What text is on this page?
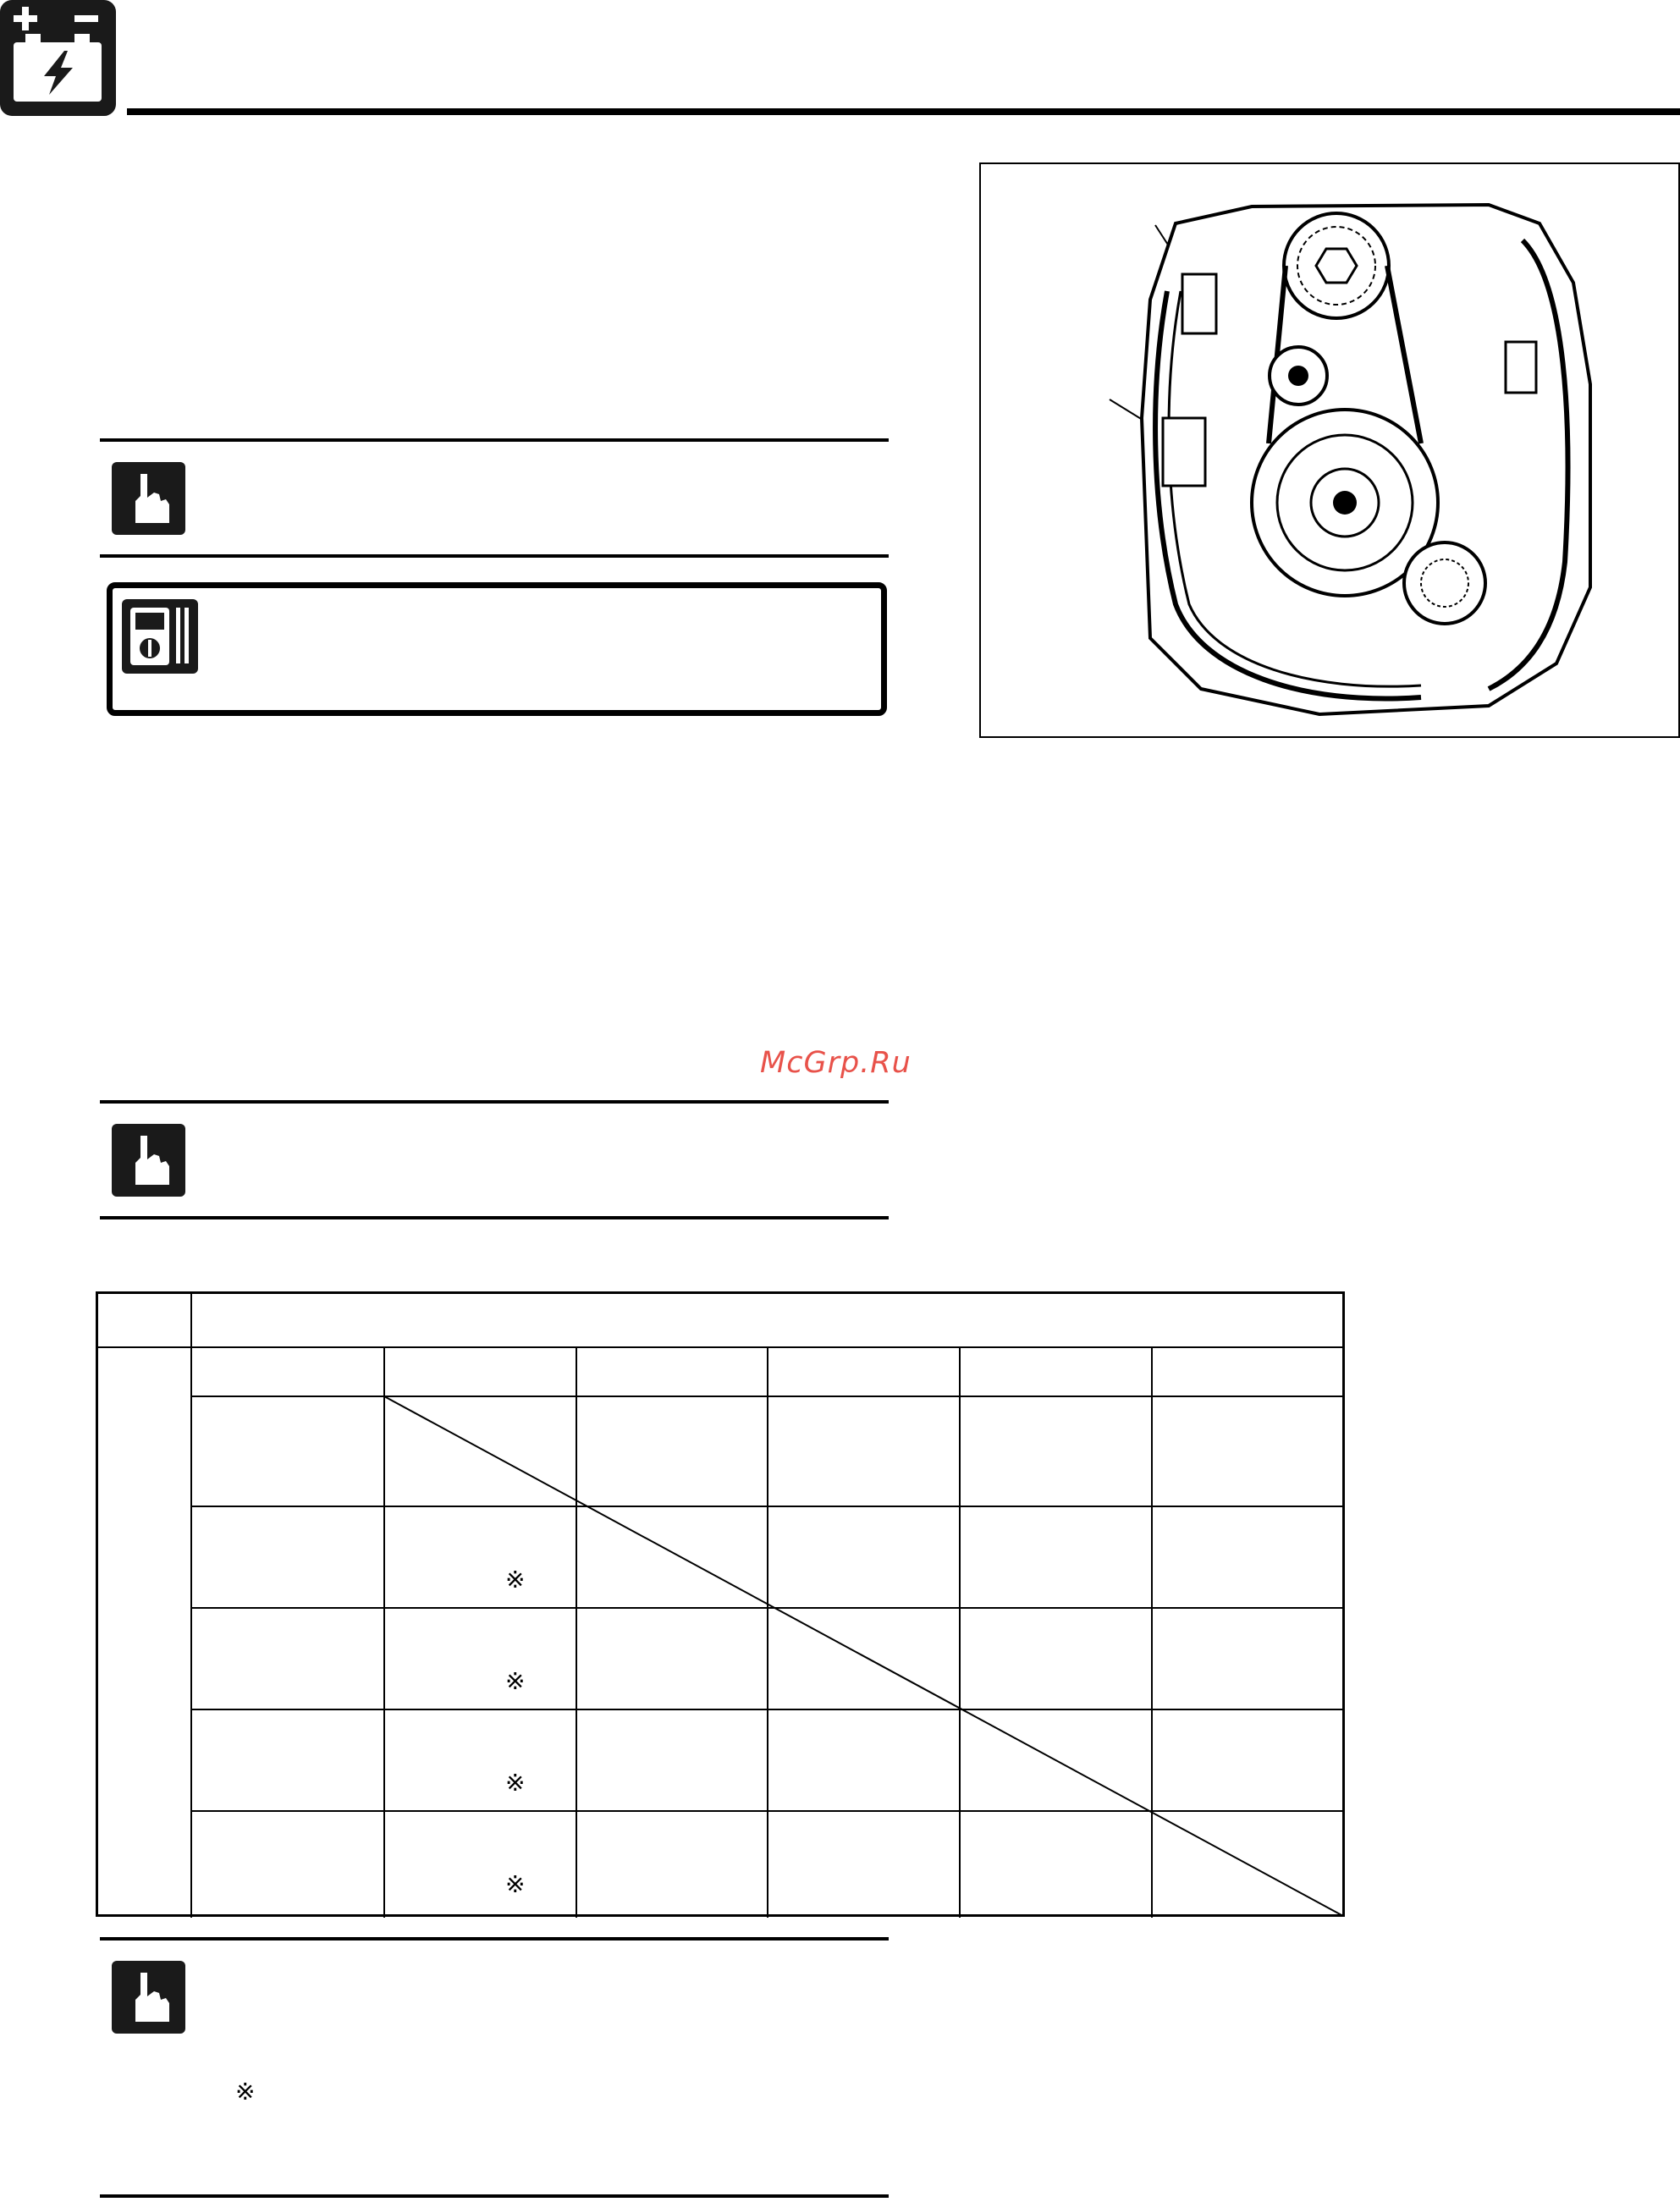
McGrp.Ru
※
※
※
※
※
